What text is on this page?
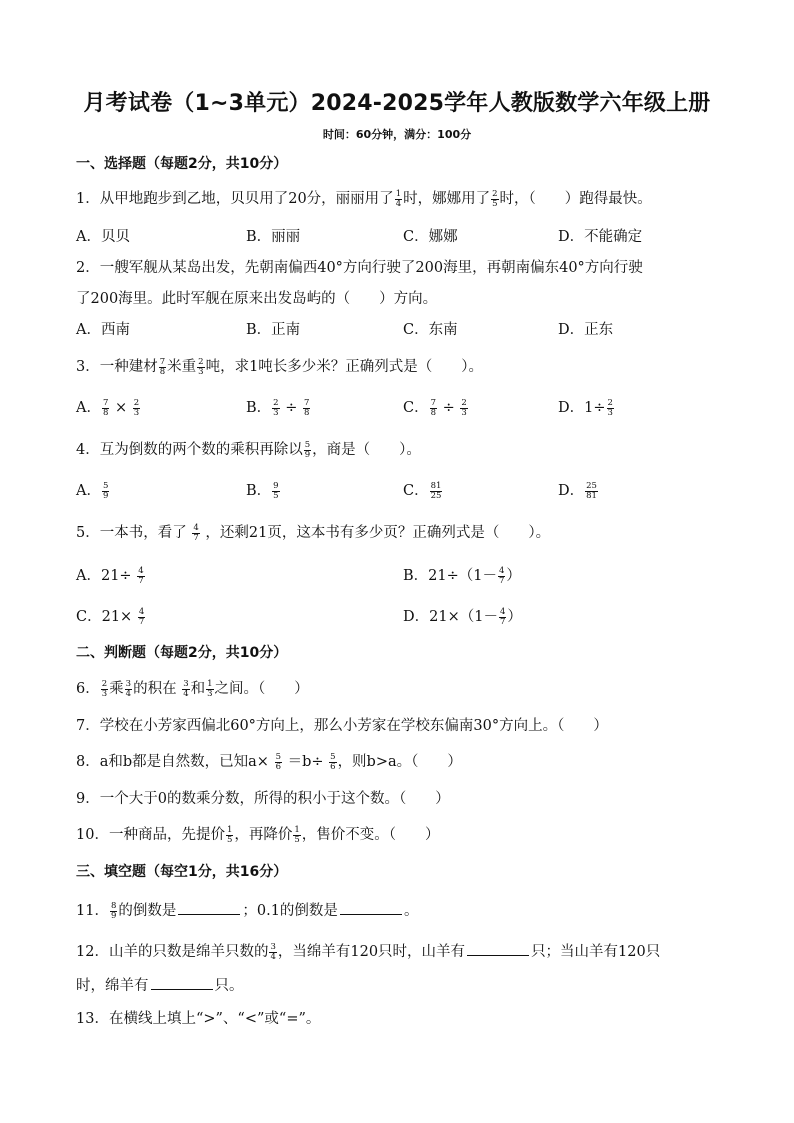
月考试卷（1~3单元）2024-2025学年人教版数学六年级上册
时间：60分钟，满分：100分
一、选择题（每题2分，共10分）
1．从甲地跑步到乙地，贝贝用了20分，丽丽用了 $\frac{1}{4}$ 时，娜娜用了 $\frac{2}{5}$ 时，（　　）跑得最快。
A．贝贝	B．丽丽	C．娜娜	D．不能确定
2．一艘军舰从某岛出发，先朝南偏西40°方向行驶了200海里，再朝南偏东40°方向行驶
了200海里。此时军舰在原来出发岛屿的（　　）方向。
A．西南	B．正南	C．东南	D．正东
3．一种建材 $\frac{7}{8}$ 米重 $\frac{2}{3}$ 吨，求1吨长多少米？正确列式是（　　）。
A． $\frac{7}{8} \times \frac{2}{3}$	B． $\frac{2}{3} \div \frac{7}{8}$	C． $\frac{7}{8} \div \frac{2}{3}$	D．$1\div \frac{2}{3}$
4．互为倒数的两个数的乘积再除以 $\frac{5}{9}$ ，商是（　　）。
A． $\frac{5}{9}$	B． $\frac{9}{5}$	C． $\frac{81}{25}$	D． $\frac{25}{81}$
5．一本书，看了 $\frac{4}{7}$ ，还剩21页，这本书有多少页？正确列式是（　　）。
A．$21\div \frac{4}{7}$	B．$21\div(1- \frac{4}{7}$ ）
C．$21\times \frac{4}{7}$	D．$21\times(1- \frac{4}{7}$ ）
二、判断题（每题2分，共10分）
6． $\frac{2}{3}$ 乘 $\frac{3}{4}$ 的积在 $\frac{3}{4}$ 和 $\frac{1}{3}$ 之间。（　　）
7．学校在小芳家西偏北60°方向上，那么小芳家在学校东偏南30°方向上。（　　）
8．a和b都是自然数，已知$a\times \frac{5}{6} =b\div \frac{5}{6}$ ，则b>a。（　　）
9．一个大于0的数乘分数，所得的积小于这个数。（　　）
10．一种商品，先提价 $\frac{1}{5}$ ，再降价 $\frac{1}{5}$ ，售价不变。（　　）
三、填空题（每空1分，共16分）
11． $\frac{8}{9}$ 的倒数是	；0.1的倒数是	。
12．山羊的只数是绵羊只数的 $\frac{3}{4}$ ，当绵羊有120只时，山羊有	只；当山羊有120只
时，绵羊有	只。
13．在横线上填上“>”、“<”或“=”。
